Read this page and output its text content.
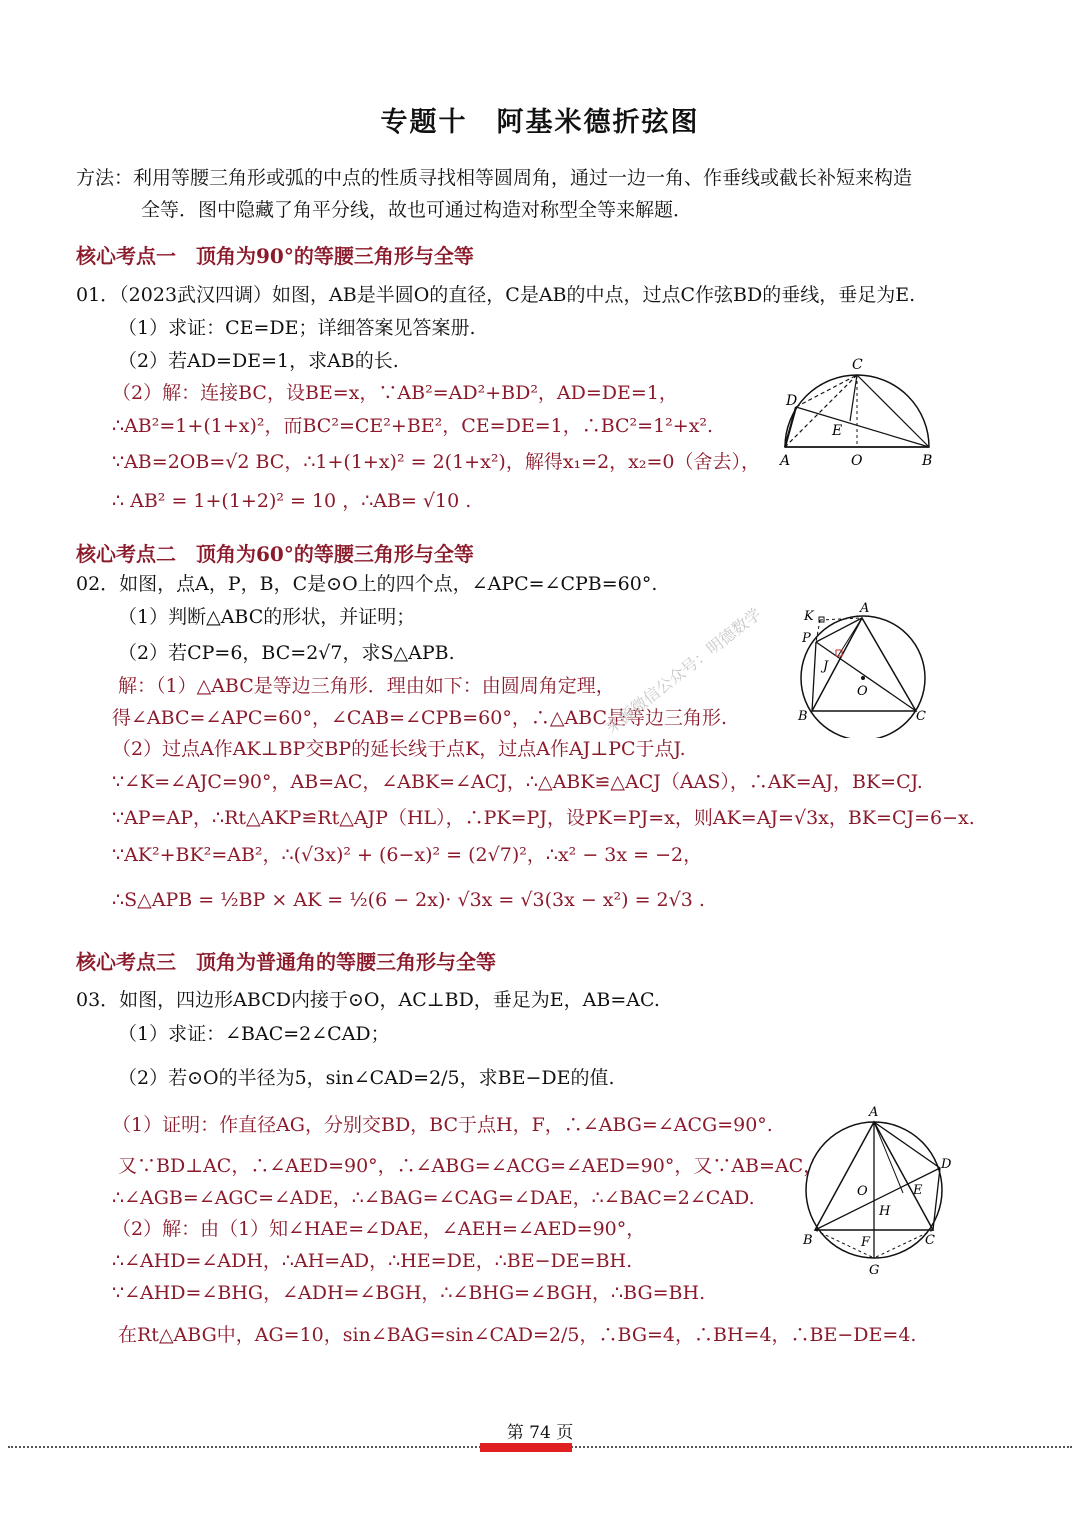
专题十　阿基米德折弦图
方法：利用等腰三角形或弧的中点的性质寻找相等圆周角，通过一边一角、作垂线或截长补短来构造
全等．图中隐藏了角平分线，故也可通过构造对称型全等来解题．
核心考点一　顶角为90°的等腰三角形与全等
01．（2023武汉四调）如图，AB是半圆O的直径，C是AB的中点，过点C作弦BD的垂线，垂足为E.
（1）求证：CE=DE；详细答案见答案册.
（2）若AD=DE=1，求AB的长.
（2）解：连接BC，设BE=x，∵AB²=AD²+BD²，AD=DE=1，
∴AB²=1+(1+x)²，而BC²=CE²+BE²，CE=DE=1，∴BC²=1²+x².
∵AB=2OB=√2 BC，∴1+(1+x)² = 2(1+x²)，解得x₁=2，x₂=0（舍去），
∴ AB² = 1+(1+2)² = 10 ，∴AB= √10 .
C
D
E
A	O	B
核心考点二　顶角为60°的等腰三角形与全等
02．如图，点A，P，B，C是⊙O上的四个点，∠APC=∠CPB=60°.
（1）判断△ABC的形状，并证明；
（2）若CP=6，BC=2√7，求S△APB.
解：（1）△ABC是等边三角形．理由如下：由圆周角定理，
得∠ABC=∠APC=60°，∠CAB=∠CPB=60°，∴△ABC是等边三角形.
（2）过点A作AK⊥BP交BP的延长线于点K，过点A作AJ⊥PC于点J.
∵∠K=∠AJC=90°，AB=AC，∠ABK=∠ACJ，∴△ABK≌△ACJ（AAS），∴AK=AJ，BK=CJ.
∵AP=AP，∴Rt△AKP≌Rt△AJP（HL），∴PK=PJ，设PK=PJ=x，则AK=AJ=√3x，BK=CJ=6−x.
∵AK²+BK²=AB²，∴(√3x)² + (6−x)² = (2√7)²，∴x² − 3x = −2，
∴S△APB = ½BP × AK = ½(6 − 2x)· √3x = √3(3x − x²) = 2√3 .
来源微信公众号：明德数学	K
A
P
J
O
B	C
核心考点三　顶角为普通角的等腰三角形与全等
03．如图，四边形ABCD内接于⊙O，AC⊥BD，垂足为E，AB=AC.
（1）求证：∠BAC=2∠CAD；
（2）若⊙O的半径为5，sin∠CAD=2/5，求BE−DE的值.
（1）证明：作直径AG，分别交BD，BC于点H，F，∴∠ABG=∠ACG=90°.
又∵BD⊥AC，∴∠AED=90°，∴∠ABG=∠ACG=∠AED=90°，又∵AB=AC，
∴∠AGB=∠AGC=∠ADE，∴∠BAG=∠CAG=∠DAE，∴∠BAC=2∠CAD.
（2）解：由（1）知∠HAE=∠DAE，∠AEH=∠AED=90°，
∴∠AHD=∠ADH，∴AH=AD，∴HE=DE，∴BE−DE=BH.
∵∠AHD=∠BHG，∠ADH=∠BGH，∴∠BHG=∠BGH，∴BG=BH.
在Rt△ABG中，AG=10，sin∠BAG=sin∠CAD=2/5，∴BG=4，∴BH=4，∴BE−DE=4.
A
D
O	E
H
B	F	C
G
第 74 页
